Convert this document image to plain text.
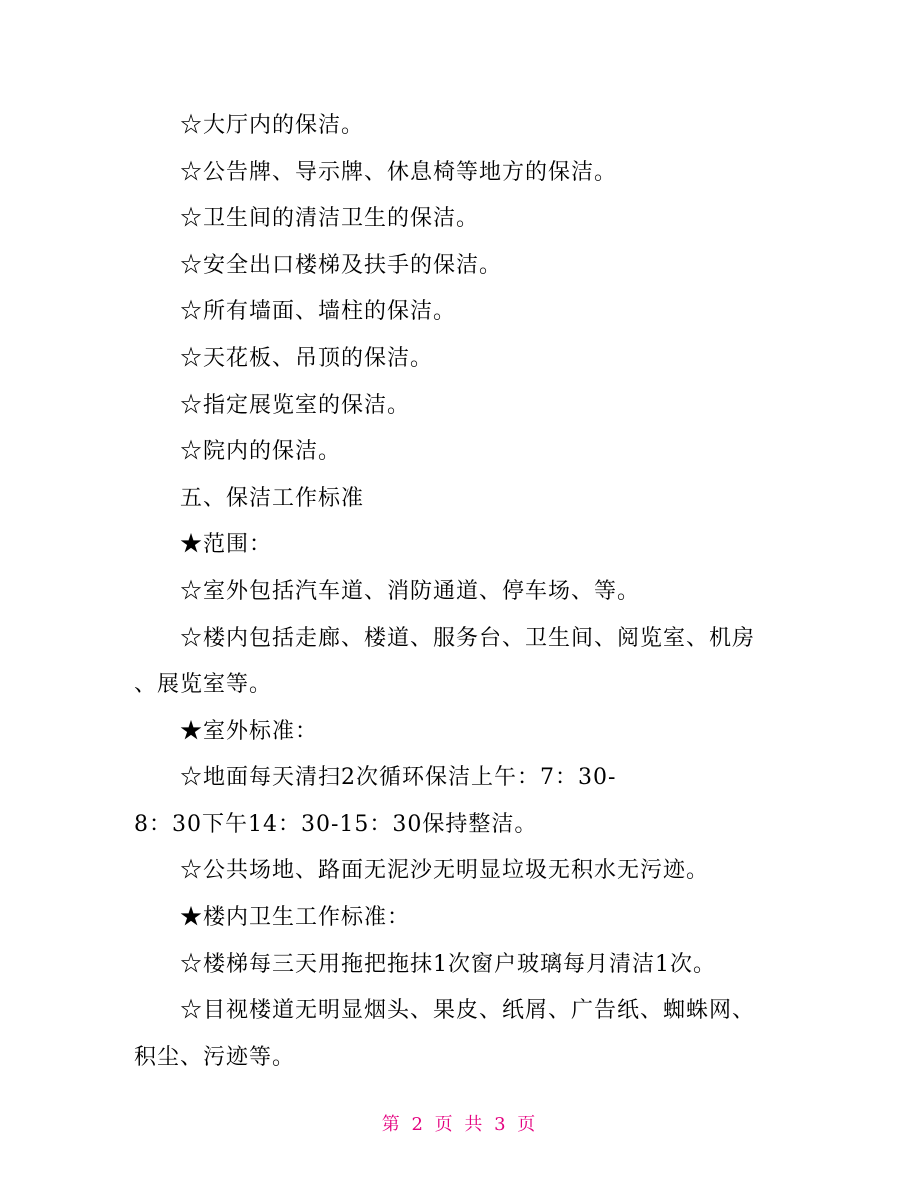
☆大厅内的保洁。
☆公告牌、导示牌、休息椅等地方的保洁。
☆卫生间的清洁卫生的保洁。
☆安全出口楼梯及扶手的保洁。
☆所有墙面、墙柱的保洁。
☆天花板、吊顶的保洁。
☆指定展览室的保洁。
☆院内的保洁。
五、保洁工作标准
★范围：
☆室外包括汽车道、消防通道、停车场、等。
☆楼内包括走廊、楼道、服务台、卫生间、阅览室、机房
、展览室等。
★室外标准：
☆地面每天清扫2次循环保洁上午：7：30-
8：30下午14：30-15：30保持整洁。
☆公共场地、路面无泥沙无明显垃圾无积水无污迹。
★楼内卫生工作标准：
☆楼梯每三天用拖把拖抹1次窗户玻璃每月清洁1次。
☆目视楼道无明显烟头、果皮、纸屑、广告纸、蜘蛛网、
积尘、污迹等。
第 2 页 共 3 页
